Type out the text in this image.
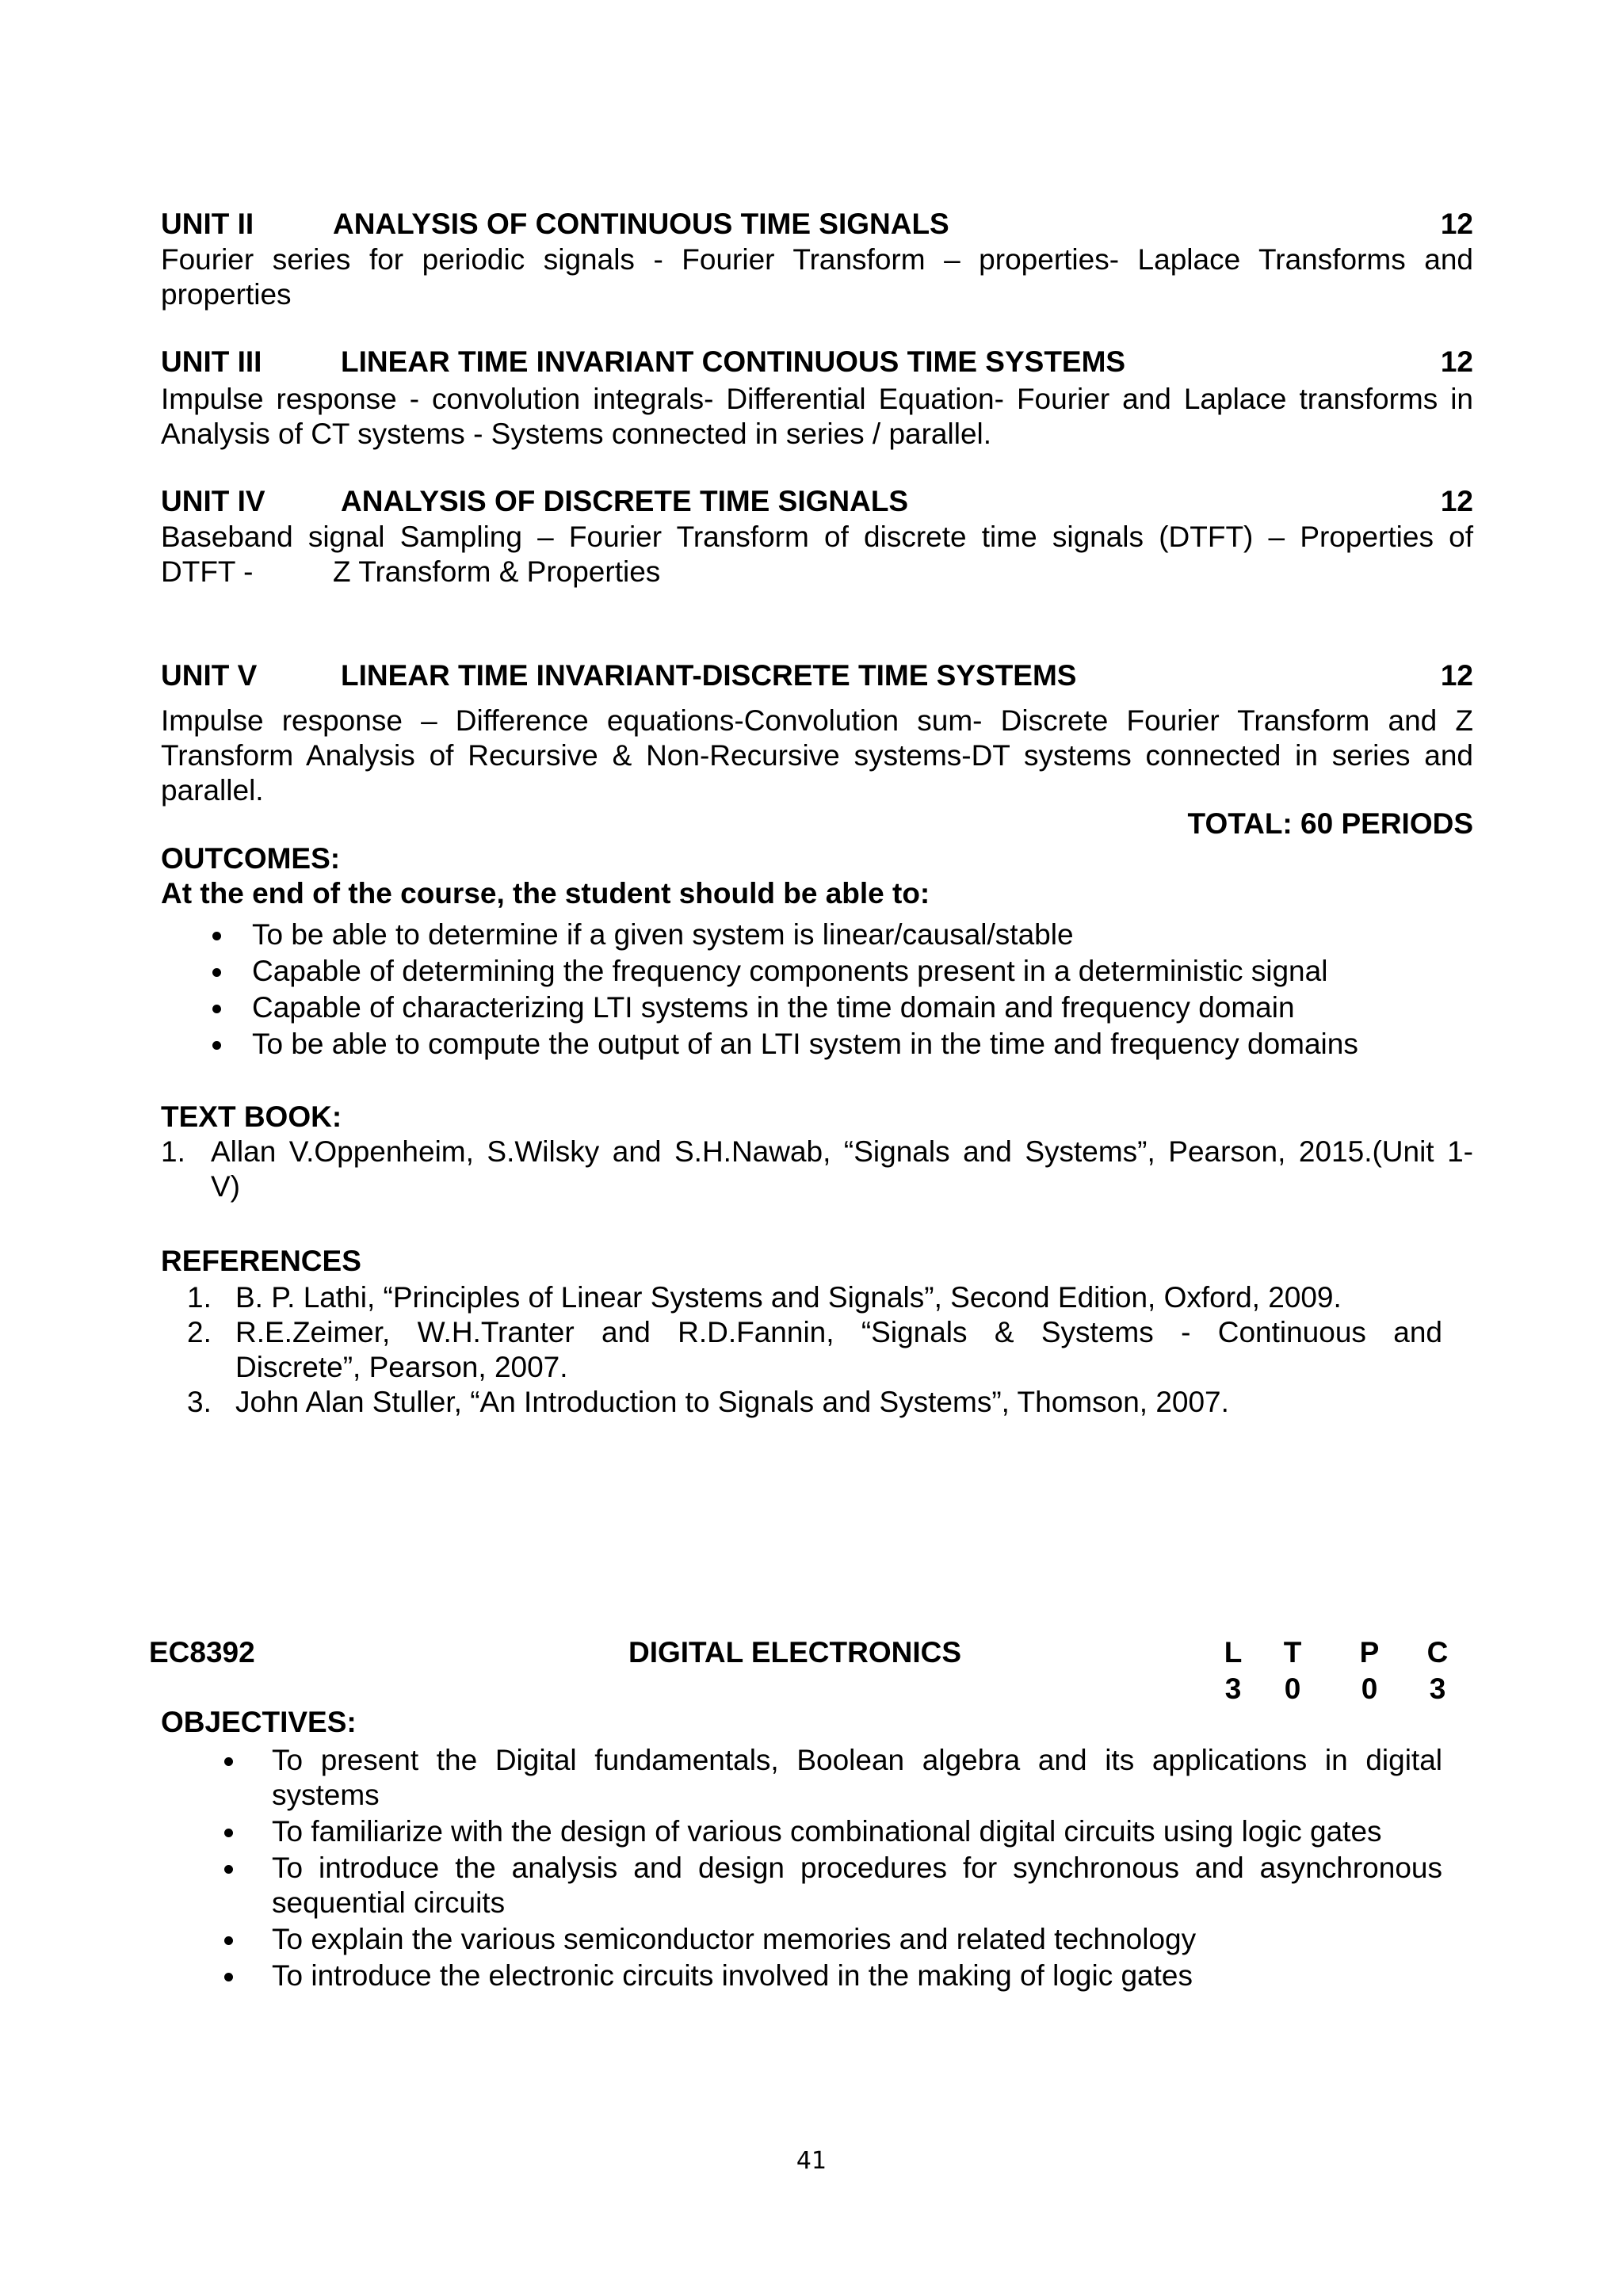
UNIT II	ANALYSIS OF CONTINUOUS TIME SIGNALS	12
Fourier series for periodic signals - Fourier Transform – properties- Laplace Transforms and
properties
UNIT III	LINEAR TIME INVARIANT CONTINUOUS TIME SYSTEMS	12
Impulse response - convolution integrals- Differential Equation- Fourier and Laplace transforms in
Analysis of CT systems - Systems connected in series / parallel.
UNIT IV	ANALYSIS OF DISCRETE TIME SIGNALS	12
Baseband signal Sampling – Fourier Transform of discrete time signals (DTFT) – Properties of
DTFT -	Z Transform & Properties
UNIT V	LINEAR TIME INVARIANT-DISCRETE TIME SYSTEMS	12
Impulse response – Difference equations-Convolution sum- Discrete Fourier Transform and Z
Transform Analysis of Recursive & Non-Recursive systems-DT systems connected in series and
parallel.
TOTAL: 60 PERIODS
OUTCOMES:
At the end of the course, the student should be able to:
To be able to determine if a given system is linear/causal/stable
Capable of determining the frequency components present in a deterministic signal
Capable of characterizing LTI systems in the time domain and frequency domain
To be able to compute the output of an LTI system in the time and frequency domains
TEXT BOOK:
1. Allan V.Oppenheim, S.Wilsky and S.H.Nawab, “Signals and Systems”, Pearson, 2015.(Unit 1-
V)
REFERENCES
1. B. P. Lathi, “Principles of Linear Systems and Signals”, Second Edition, Oxford, 2009.
2. R.E.Zeimer, W.H.Tranter and R.D.Fannin, “Signals & Systems - Continuous and
Discrete”, Pearson, 2007.
3. John Alan Stuller, “An Introduction to Signals and Systems”, Thomson, 2007.
EC8392	DIGITAL ELECTRONICS	L T P C
3 0 0 3
OBJECTIVES:
To present the Digital fundamentals, Boolean algebra and its applications in digital
systems
To familiarize with the design of various combinational digital circuits using logic gates
To introduce the analysis and design procedures for synchronous and asynchronous
sequential circuits
To explain the various semiconductor memories and related technology
To introduce the electronic circuits involved in the making of logic gates
41
